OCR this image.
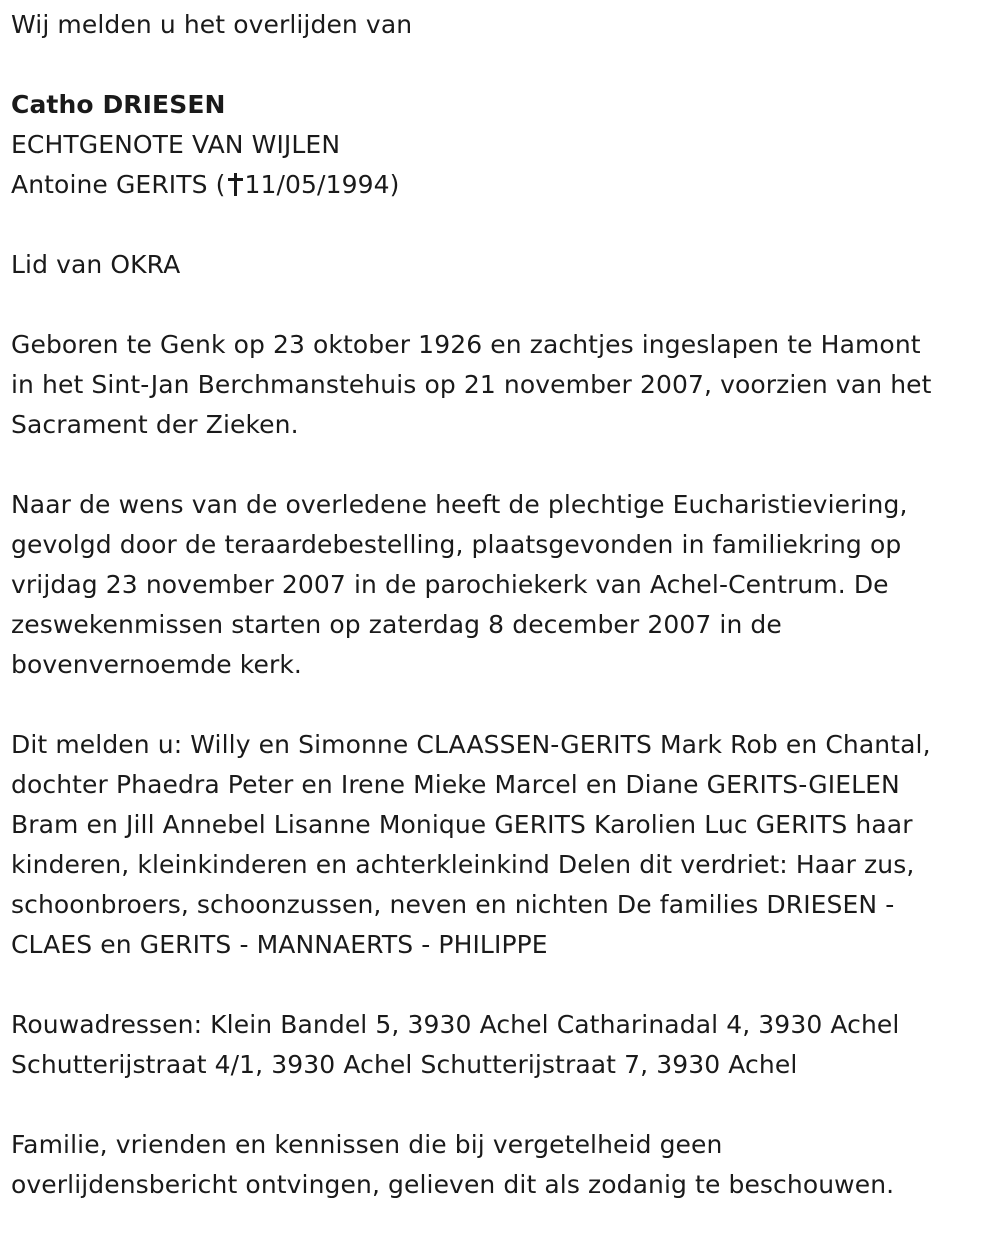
Wij melden u het overlijden van
Catho DRIESEN
ECHTGENOTE VAN WIJLEN
Antoine GERITS ( 11/05/1994)
Lid van OKRA
Geboren te Genk op 23 oktober 1926 en zachtjes ingeslapen te Hamont
in het Sint-Jan Berchmanstehuis op 21 november 2007, voorzien van het
Sacrament der Zieken.
Naar de wens van de overledene heeft de plechtige Eucharistieviering,
gevolgd door de teraardebestelling, plaatsgevonden in familiekring op
vrijdag 23 november 2007 in de parochiekerk van Achel-Centrum. De
zeswekenmissen starten op zaterdag 8 december 2007 in de
bovenvernoemde kerk.
Dit melden u: Willy en Simonne CLAASSEN-GERITS Mark Rob en Chantal,
dochter Phaedra Peter en Irene Mieke Marcel en Diane GERITS-GIELEN
Bram en Jill Annebel Lisanne Monique GERITS Karolien Luc GERITS haar
kinderen, kleinkinderen en achterkleinkind Delen dit verdriet: Haar zus,
schoonbroers, schoonzussen, neven en nichten De families DRIESEN -
CLAES en GERITS - MANNAERTS - PHILIPPE
Rouwadressen: Klein Bandel 5, 3930 Achel Catharinadal 4, 3930 Achel
Schutterijstraat 4/1, 3930 Achel Schutterijstraat 7, 3930 Achel
Familie, vrienden en kennissen die bij vergetelheid geen
overlijdensbericht ontvingen, gelieven dit als zodanig te beschouwen.
